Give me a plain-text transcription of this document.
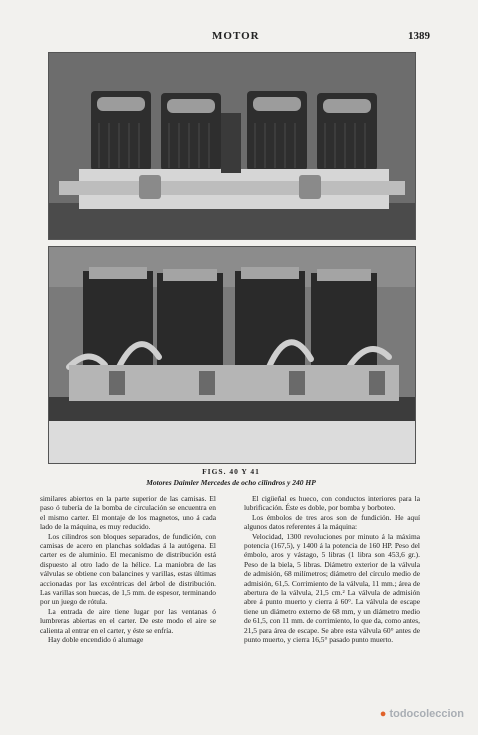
MOTOR	1389
FIGS. 40 Y 41
Motores Daimler Mercedes de ocho cilindros y 240 HP

similares abiertos en la parte superior de las camisas. El paso ó tubería de la bomba de circulación se encuentra en el mismo carter. El montaje de los magnetos, uno á cada lado de la máquina, es muy reducido.

Los cilindros son bloques separados, de fundición, con camisas de acero en planchas soldadas á la autógena. El carter es de aluminio. El mecanismo de distribución está dispuesto al otro lado de la hélice. La maniobra de las válvulas se obtiene con balancines y varillas, estas últimas accionadas por las excéntricas del árbol de distribución. Las varillas son huecas, de 1,5 mm. de espesor, terminando por un juego de rótula.

La entrada de aire tiene lugar por las ventanas ó lumbreras abiertas en el carter. De este modo el aire se calienta al entrar en el carter, y éste se enfría.

Hay doble encendido ó alumage

El cigüeñal es hueco, con conductos interiores para la lubrificación. Éste es doble, por bomba y borboteo.

Los émbolos de tres aros son de fundición. He aquí algunos datos referentes á la máquina:

Velocidad, 1300 revoluciones por minuto á la máxima potencia (167,5), y 1400 á la potencia de 160 HP. Peso del émbolo, aros y vástago, 5 libras (1 libra son 453,6 gr.). Peso de la biela, 5 libras. Diámetro exterior de la válvula de admisión, 68 milímetros; diámetro del círculo medio de admisión, 61,5. Corrimiento de la válvula, 11 mm.; área de abertura de la válvula, 21,5 cm.² La válvula de admisión abre á punto muerto y cierra á 60°. La válvula de escape tiene un diámetro externo de 68 mm, y un diámetro medio de 61,5, con 11 mm. de corrimiento, lo que da, como antes, 21,5 para área de escape. Se abre esta válvula 60° antes de punto muerto, y cierra 16,5° pasado punto muerto.

● todocoleccion
